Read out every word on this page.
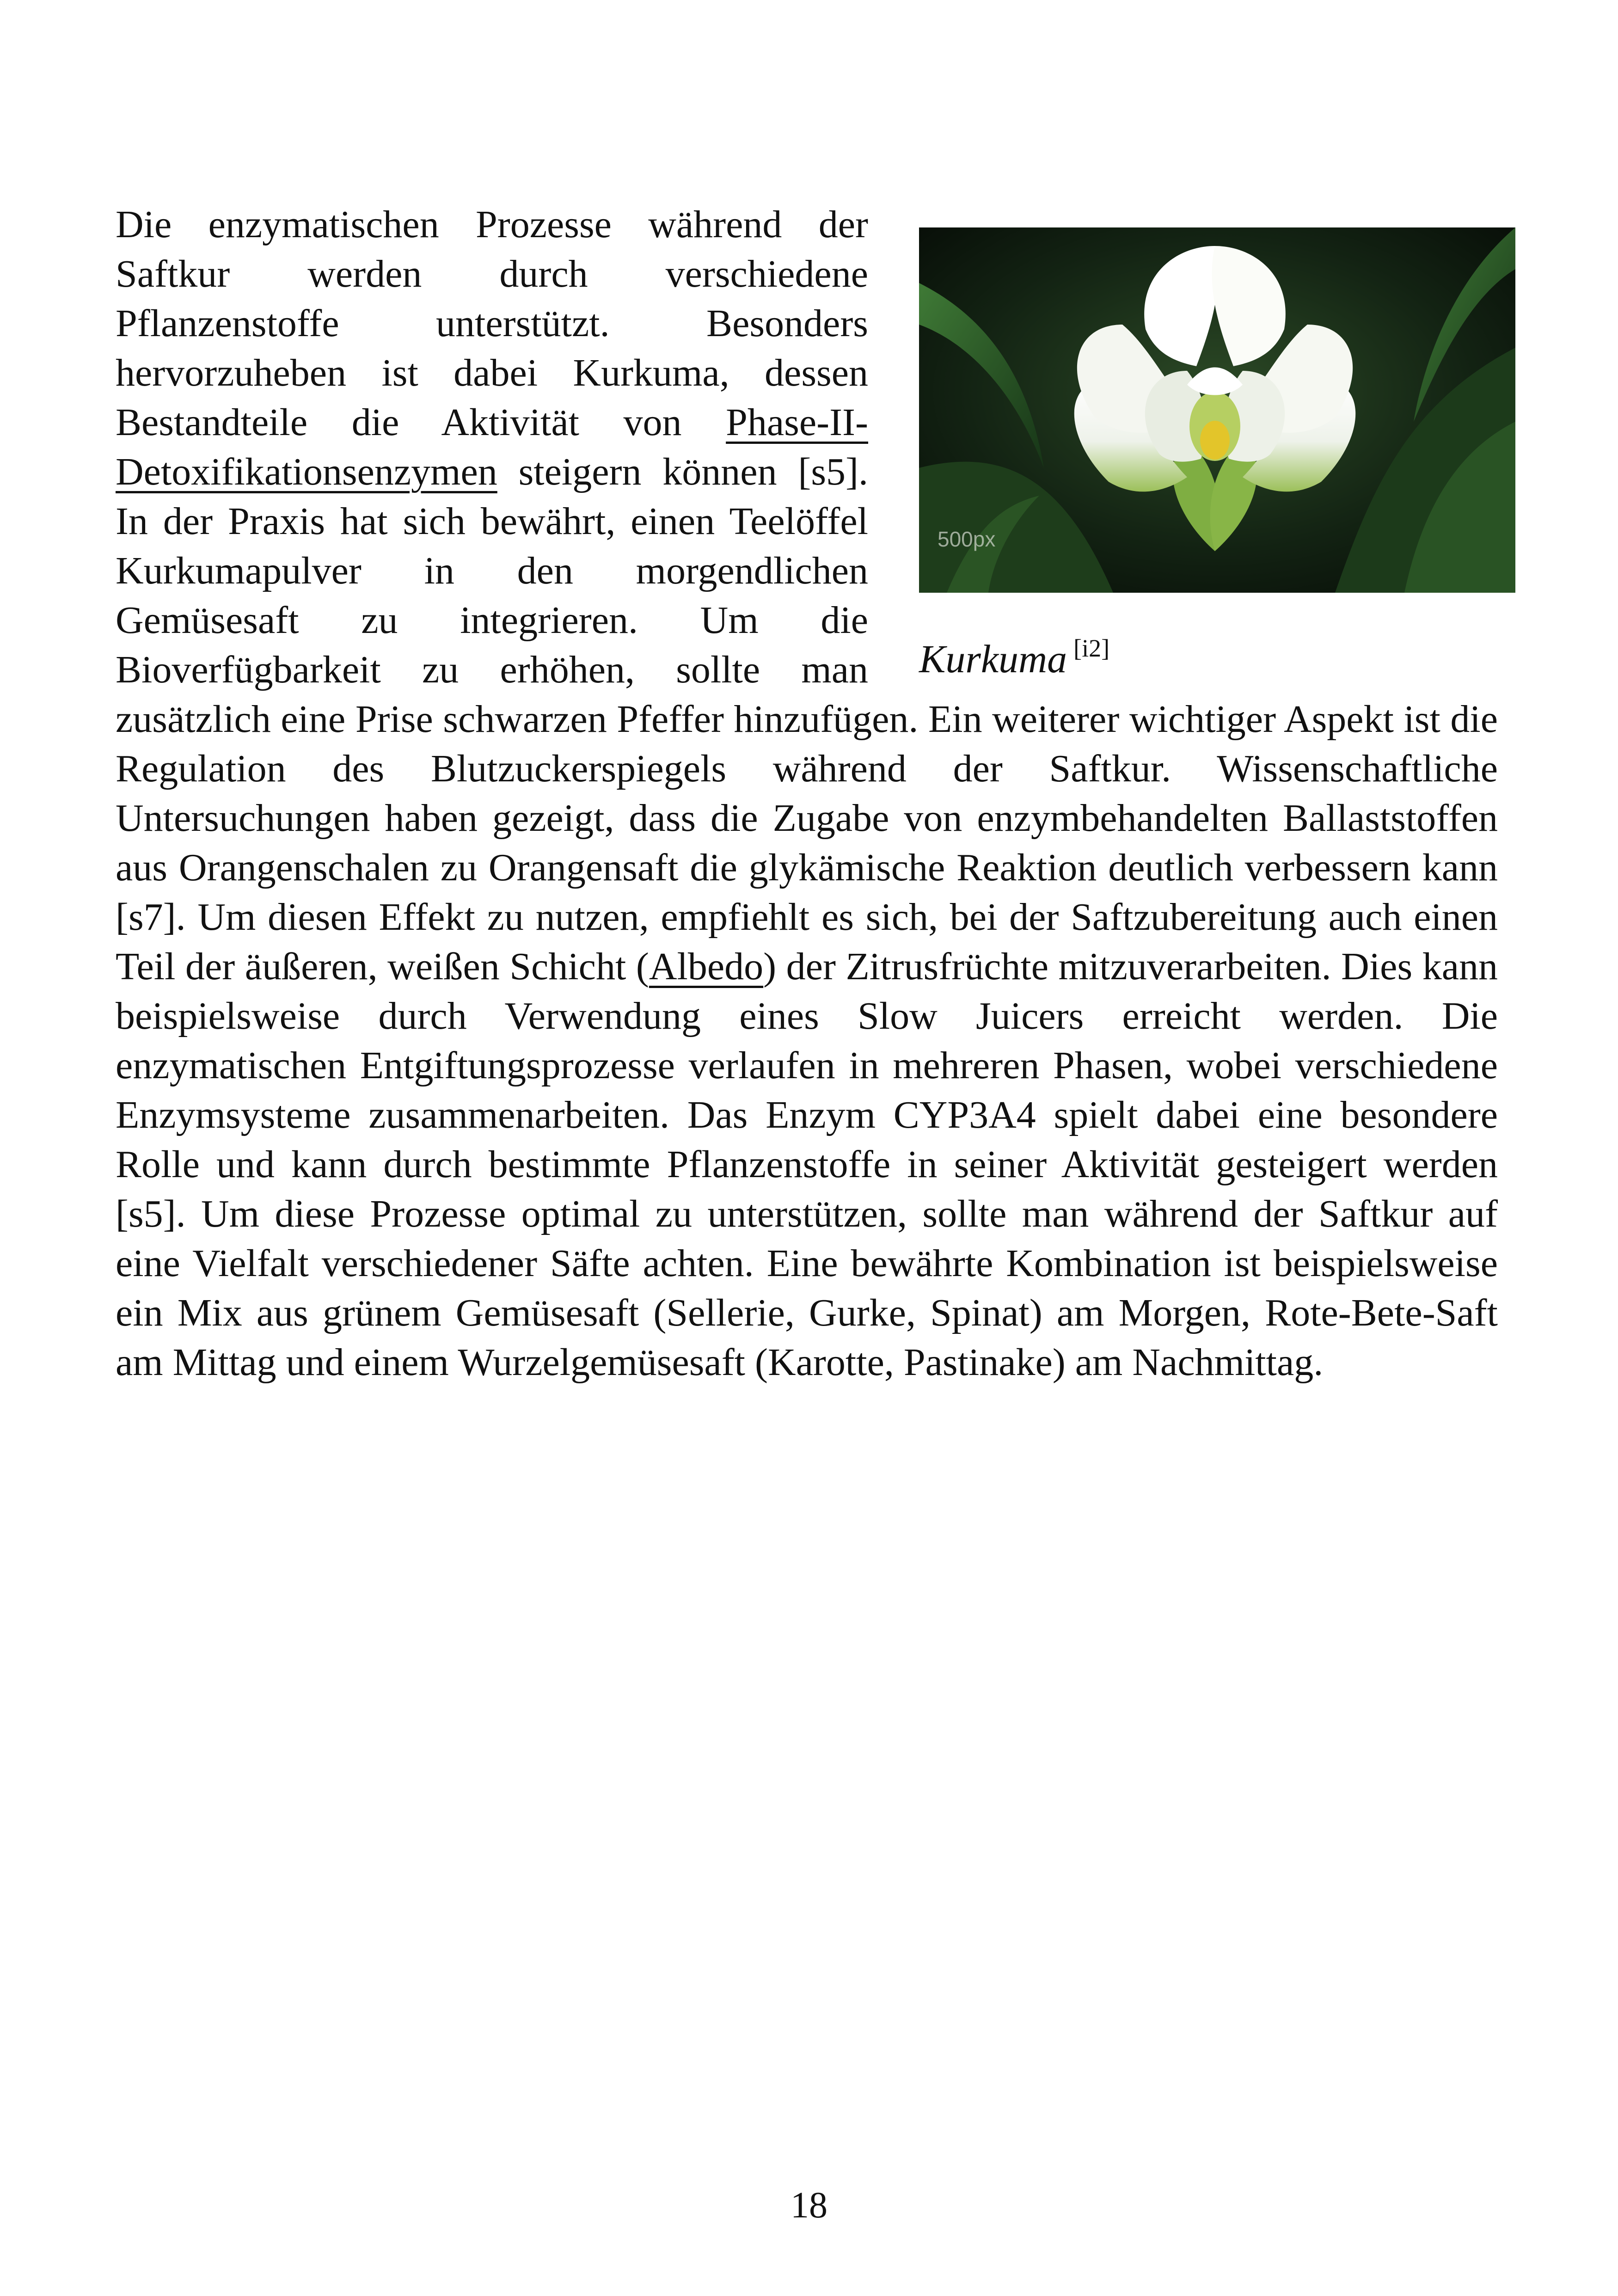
500px
Kurkuma [i2]
Die enzymatischen Prozesse während der Saftkur werden durch verschiedene Pflanzenstoffe unterstützt. Besonders hervorzuheben ist dabei Kurkuma, dessen Bestandteile die Aktivität von Phase-II-Detoxifikationsenzymen steigern können [s5]. In der Praxis hat sich bewährt, einen Teelöffel Kurkumapulver in den morgendlichen Gemüsesaft zu integrieren. Um die Bioverfügbarkeit zu erhöhen, sollte man zusätzlich eine Prise schwarzen Pfeffer hinzufügen. Ein weiterer wichtiger Aspekt ist die Regulation des Blutzuckerspiegels während der Saftkur. Wissenschaftliche Untersuchungen haben gezeigt, dass die Zugabe von enzymbehandelten Ballaststoffen aus Orangenschalen zu Orangensaft die glykämische Reaktion deutlich verbessern kann [s7]. Um diesen Effekt zu nutzen, empfiehlt es sich, bei der Saftzubereitung auch einen Teil der äußeren, weißen Schicht (Albedo) der Zitrusfrüchte mitzuverarbeiten. Dies kann beispielsweise durch Verwendung eines Slow Juicers erreicht werden. Die enzymatischen Entgiftungsprozesse verlaufen in mehreren Phasen, wobei verschiedene Enzymsysteme zusammenarbeiten. Das Enzym CYP3A4 spielt dabei eine besondere Rolle und kann durch bestimmte Pflanzenstoffe in seiner Aktivität gesteigert werden [s5]. Um diese Prozesse optimal zu unterstützen, sollte man während der Saftkur auf eine Vielfalt verschiedener Säfte achten. Eine bewährte Kombination ist beispielsweise ein Mix aus grünem Gemüsesaft (Sellerie, Gurke, Spinat) am Morgen, Rote-Bete-Saft am Mittag und einem Wurzelgemüsesaft (Karotte, Pastinake) am Nachmittag.
18
